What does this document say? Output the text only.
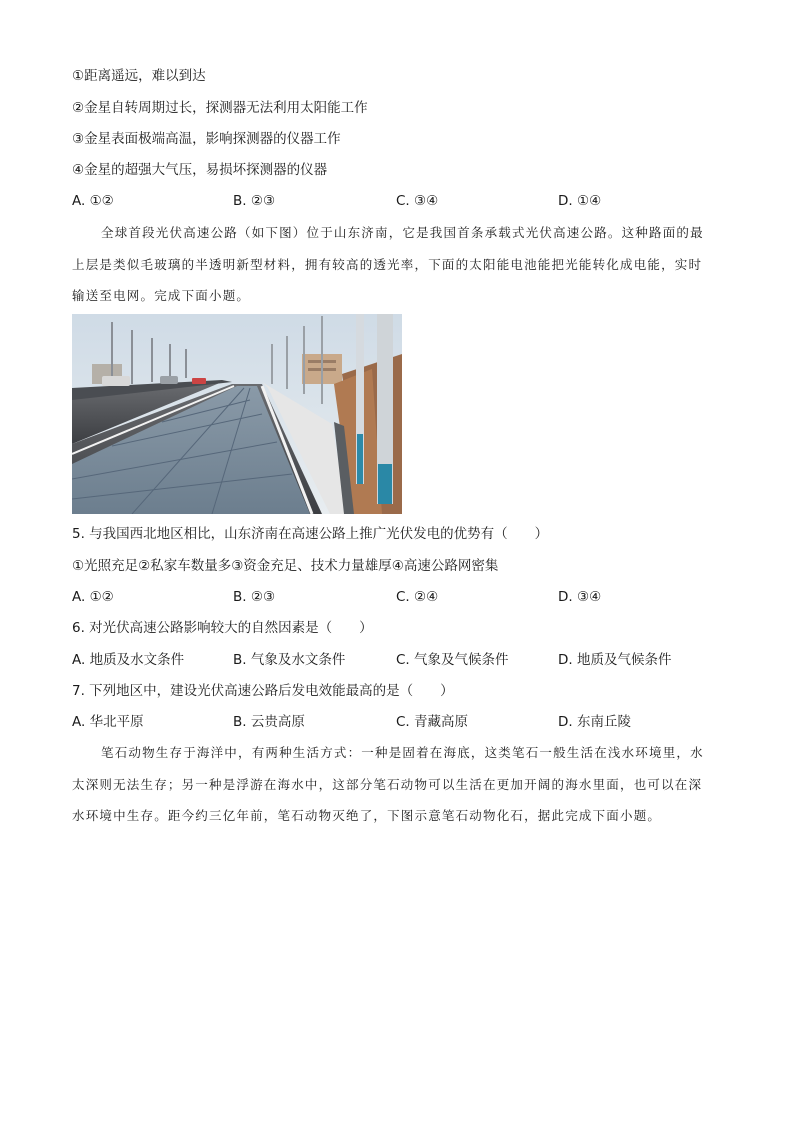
①距离遥远，难以到达
②金星自转周期过长，探测器无法利用太阳能工作
③金星表面极端高温，影响探测器的仪器工作
④金星的超强大气压，易损坏探测器的仪器
A. ①②	B. ②③	C. ③④	D. ①④
全球首段光伏高速公路（如下图）位于山东济南，它是我国首条承载式光伏高速公路。这种路面的最
上层是类似毛玻璃的半透明新型材料，拥有较高的透光率，下面的太阳能电池能把光能转化成电能，实时
输送至电网。完成下面小题。
5. 与我国西北地区相比，山东济南在高速公路上推广光伏发电的优势有（　　）
①光照充足②私家车数量多③资金充足、技术力量雄厚④高速公路网密集
A. ①②	B. ②③	C. ②④	D. ③④
6. 对光伏高速公路影响较大的自然因素是（　　）
A. 地质及水文条件	B. 气象及水文条件	C. 气象及气候条件	D. 地质及气候条件
7. 下列地区中，建设光伏高速公路后发电效能最高的是（　　）
A. 华北平原	B. 云贵高原	C. 青藏高原	D. 东南丘陵
笔石动物生存于海洋中，有两种生活方式：一种是固着在海底，这类笔石一般生活在浅水环境里，水
太深则无法生存；另一种是浮游在海水中，这部分笔石动物可以生活在更加开阔的海水里面，也可以在深
水环境中生存。距今约三亿年前，笔石动物灭绝了，下图示意笔石动物化石，据此完成下面小题。
